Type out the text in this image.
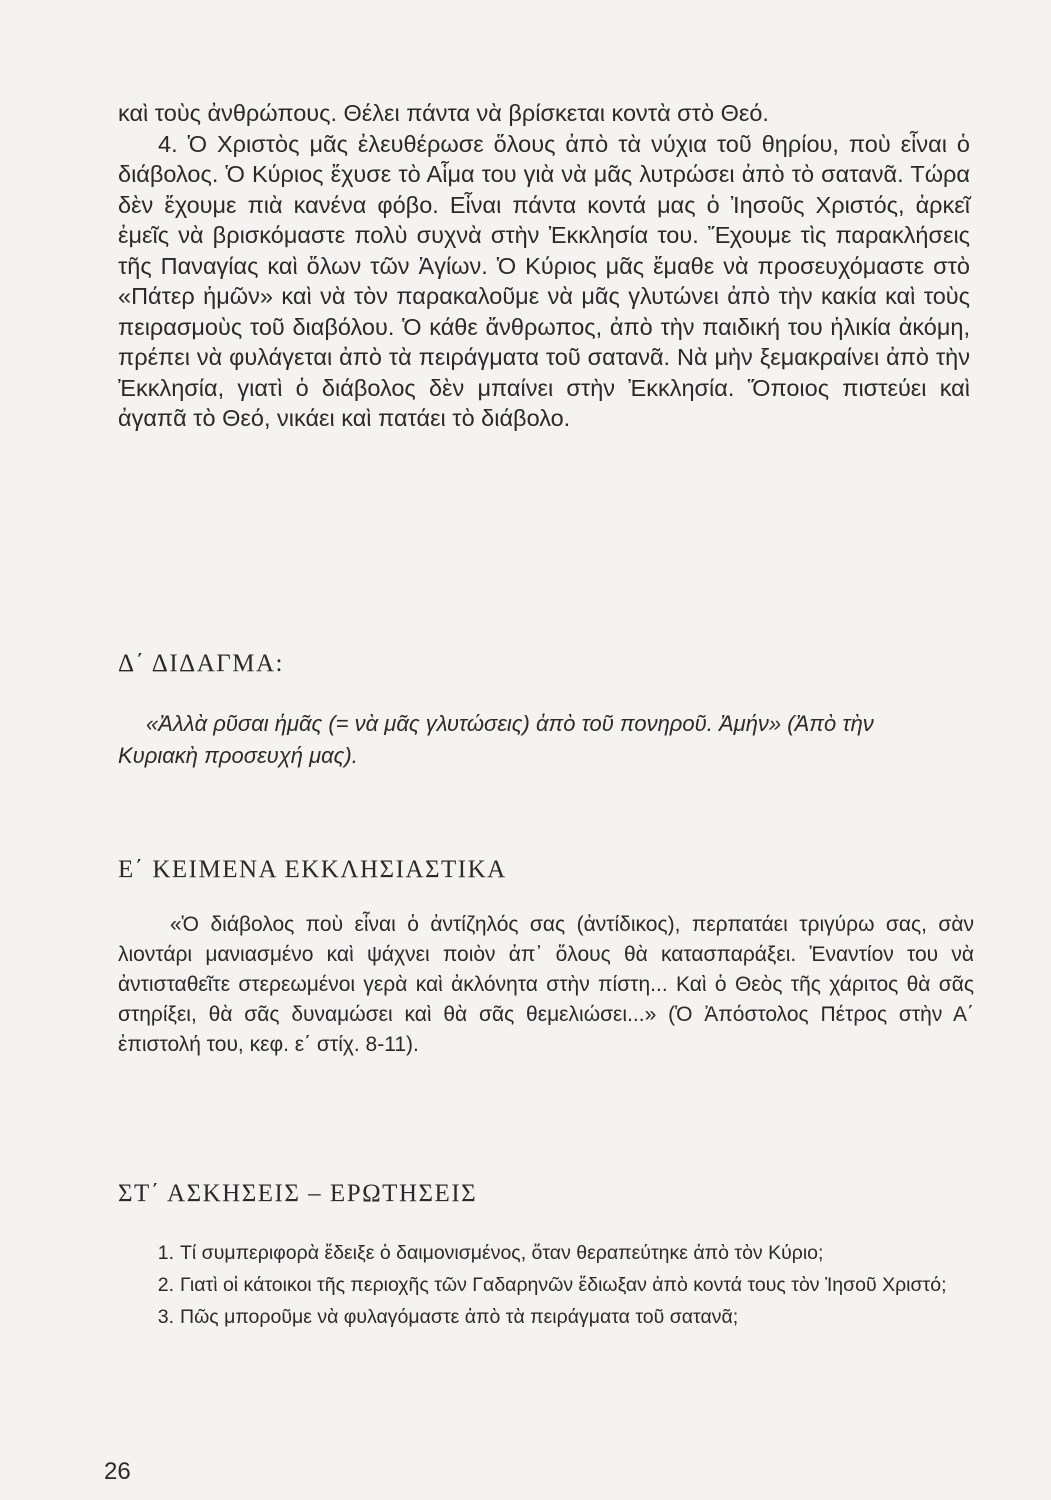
καὶ τοὺς ἀνθρώπους. Θέλει πάντα νὰ βρίσκεται κοντὰ στὸ Θεό.

4. Ὁ Χριστὸς μᾶς ἐλευθέρωσε ὅλους ἀπὸ τὰ νύχια τοῦ θηρίου, ποὺ εἶναι ὁ διάβολος. Ὁ Κύριος ἔχυσε τὸ Αἷμα του γιὰ νὰ μᾶς λυτρώσει ἀπὸ τὸ σατανᾶ. Τώρα δὲν ἔχουμε πιὰ κανένα φόβο. Εἶναι πάντα κοντά μας ὁ Ἰησοῦς Χριστός, ἀρκεῖ ἐμεῖς νὰ βρισκόμαστε πολὺ συχνὰ στὴν Ἐκκλησία του. Ἔχουμε τὶς παρακλήσεις τῆς Παναγίας καὶ ὅλων τῶν Ἁγίων. Ὁ Κύριος μᾶς ἔμαθε νὰ προσευχόμαστε στὸ «Πάτερ ἡμῶν» καὶ νὰ τὸν παρακαλοῦμε νὰ μᾶς γλυτώνει ἀπὸ τὴν κακία καὶ τοὺς πειρασμοὺς τοῦ διαβόλου. Ὁ κάθε ἄνθρωπος, ἀπὸ τὴν παιδική του ἡλικία ἀκόμη, πρέπει νὰ φυλάγεται ἀπὸ τὰ πειράγματα τοῦ σατανᾶ. Νὰ μὴν ξεμακραίνει ἀπὸ τὴν Ἐκκλησία, γιατὶ ὁ διάβολος δὲν μπαίνει στὴν Ἐκκλησία. Ὅποιος πιστεύει καὶ ἀγαπᾶ τὸ Θεό, νικάει καὶ πατάει τὸ διάβολο.

Δ΄ ΔΙΔΑΓΜΑ:

«Ἀλλὰ ρῦσαι ἡμᾶς (= νὰ μᾶς γλυτώσεις) ἀπὸ τοῦ πονηροῦ. Ἀμήν» (Ἀπὸ τὴν Κυριακὴ προσευχή μας).

Ε΄ ΚΕΙΜΕΝΑ ΕΚΚΛΗΣΙΑΣΤΙΚΑ

«Ὁ διάβολος ποὺ εἶναι ὁ ἀντίζηλός σας (ἀντίδικος), περπατάει τριγύρω σας, σὰν λιοντάρι μανιασμένο καὶ ψάχνει ποιὸν ἀπ᾿ ὅλους θὰ κατασπαράξει. Ἐναντίον του νὰ ἀντισταθεῖτε στερεωμένοι γερὰ καὶ ἀκλόνητα στὴν πίστη... Καὶ ὁ Θεὸς τῆς χάριτος θὰ σᾶς στηρίξει, θὰ σᾶς δυναμώσει καὶ θὰ σᾶς θεμελιώσει...» (Ὁ Ἀπόστολος Πέτρος στὴν Α΄ ἐπιστολή του, κεφ. ε΄ στίχ. 8-11).

ΣΤ΄ ΑΣΚΗΣΕΙΣ – ΕΡΩΤΗΣΕΙΣ
1. Τί συμπεριφορὰ ἔδειξε ὁ δαιμονισμένος, ὅταν θεραπεύτηκε ἀπὸ τὸν Κύριο;
2. Γιατὶ οἱ κάτοικοι τῆς περιοχῆς τῶν Γαδαρηνῶν ἔδιωξαν ἀπὸ κοντά τους τὸν Ἰησοῦ Χριστό;
3. Πῶς μποροῦμε νὰ φυλαγόμαστε ἀπὸ τὰ πειράγματα τοῦ σατανᾶ;
26
